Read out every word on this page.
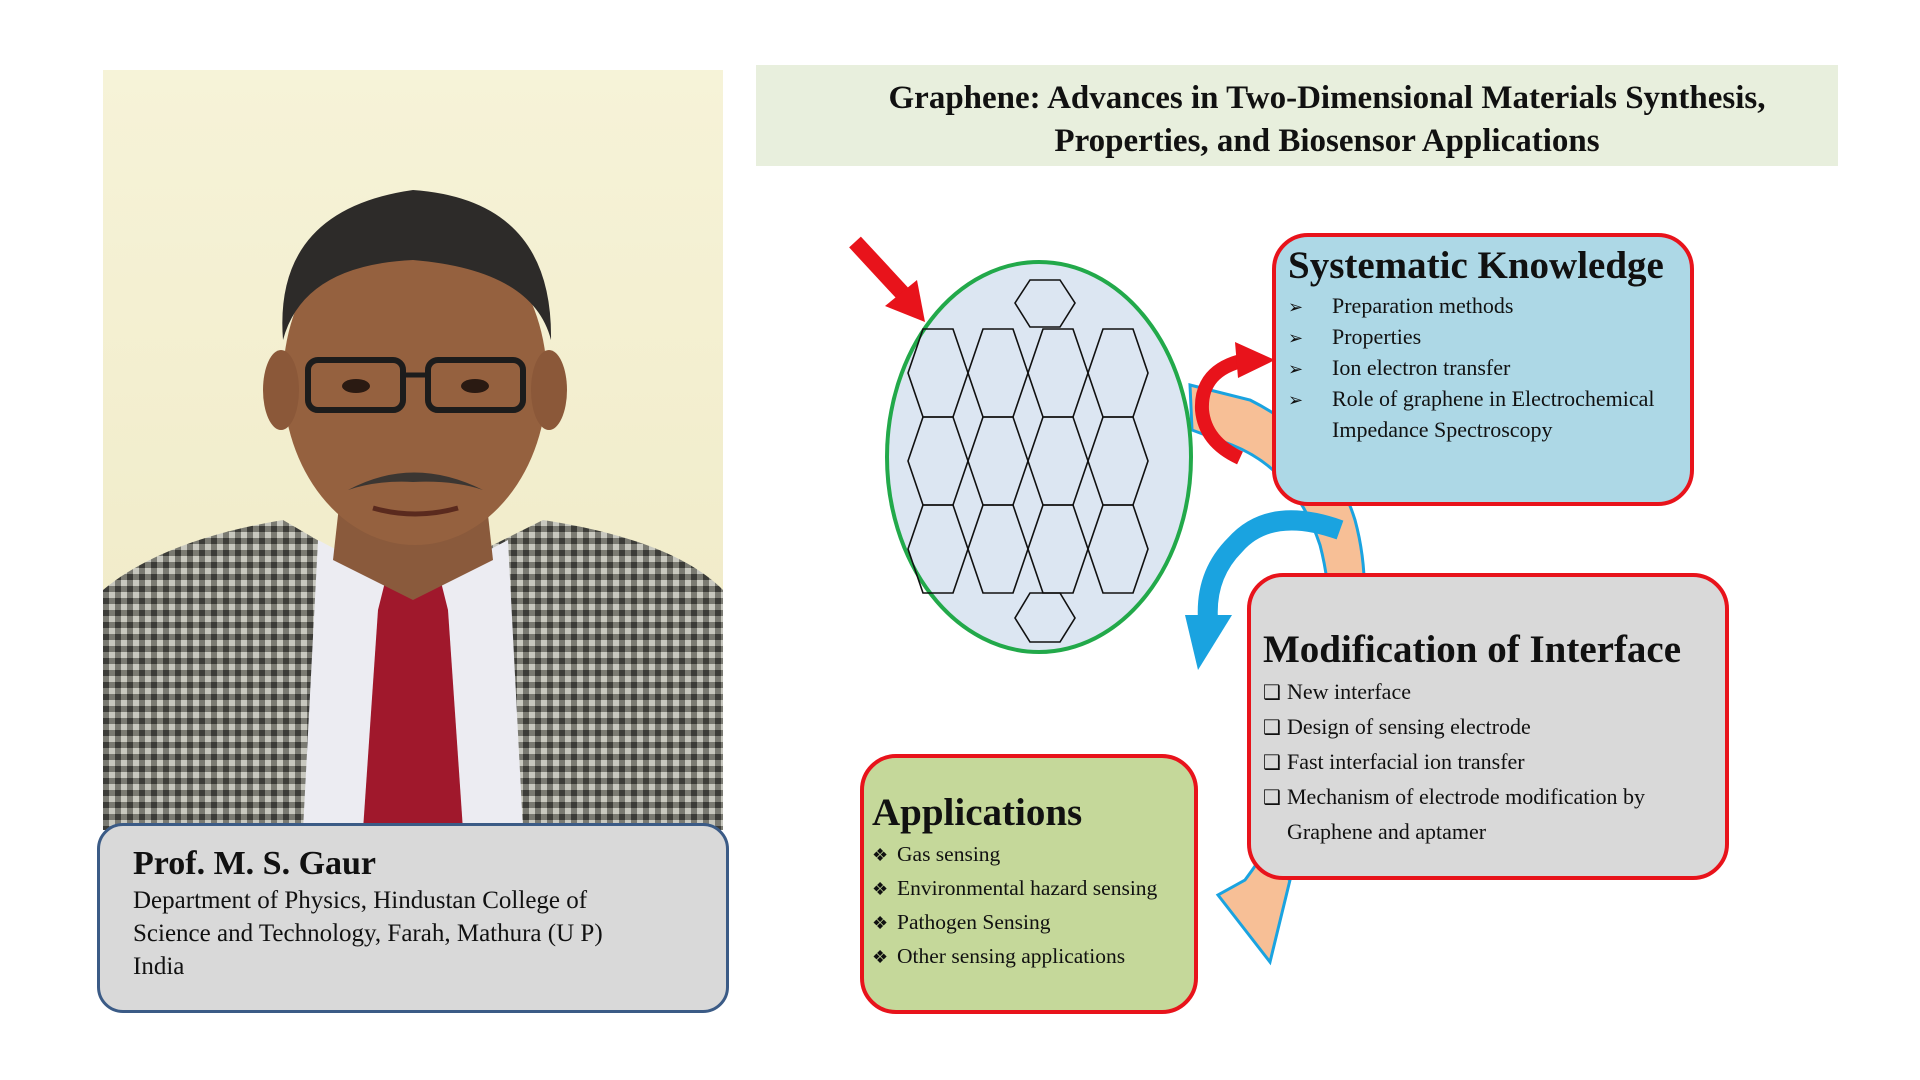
Prof. M. S. Gaur
Department of Physics, Hindustan College of
Science and Technology, Farah, Mathura (U P)
India
Graphene: Advances in Two-Dimensional Materials Synthesis,
Properties, and Biosensor Applications
Systematic Knowledge
➢ Preparation methods
➢ Properties
➢ Ion electron transfer
➢ Role of graphene in Electrochemical
Impedance Spectroscopy
Modification of Interface
❑ New interface
❑ Design of sensing electrode
❑ Fast interfacial ion transfer
❑ Mechanism of electrode modification by
Graphene and aptamer
Applications
❖ Gas sensing
❖ Environmental hazard sensing
❖ Pathogen Sensing
❖ Other sensing applications
